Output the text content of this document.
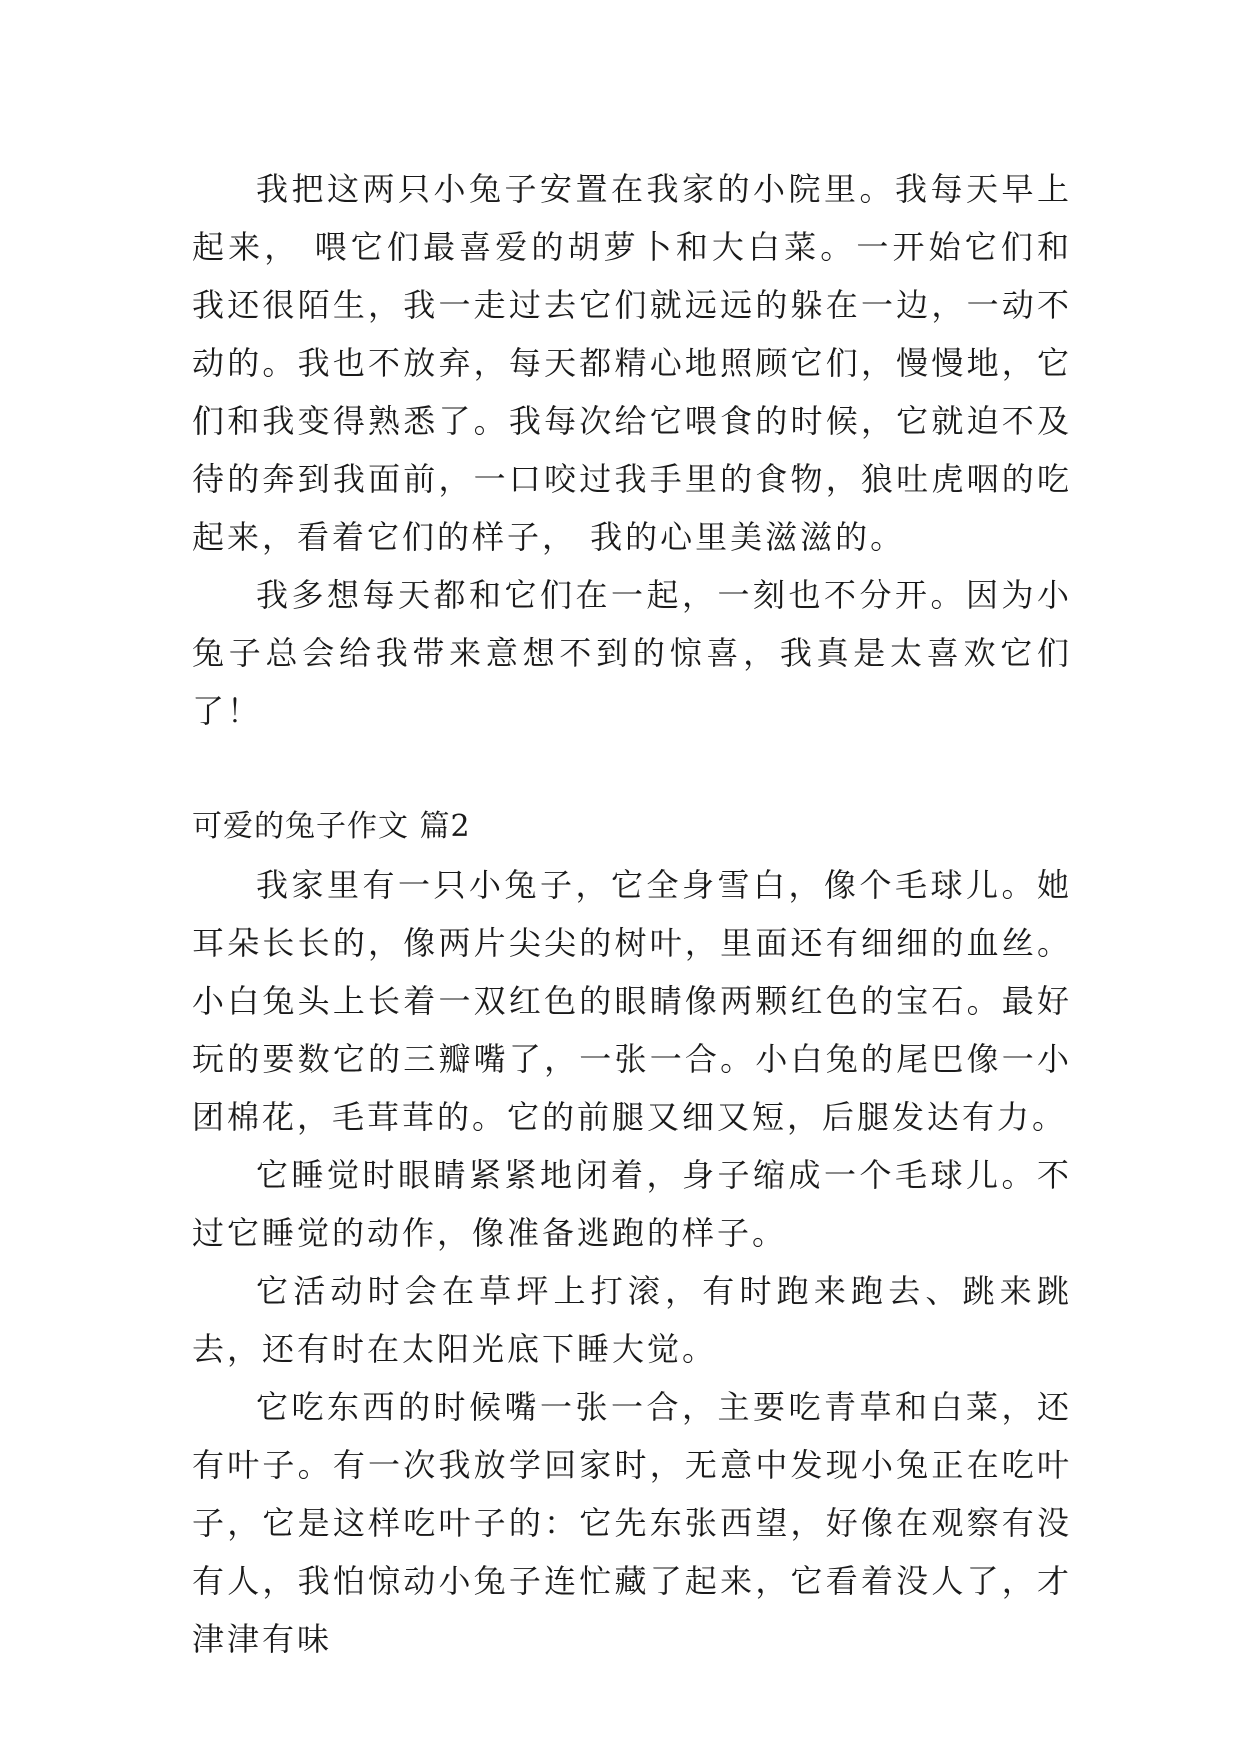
我把这两只小兔子安置在我家的小院里。我每天早上起来， 喂它们最喜爱的胡萝卜和大白菜。一开始它们和我还很陌生，我一走过去它们就远远的躲在一边，一动不动的。我也不放弃，每天都精心地照顾它们，慢慢地，它们和我变得熟悉了。我每次给它喂食的时候，它就迫不及待的奔到我面前，一口咬过我手里的食物，狼吐虎咽的吃起来，看着它们的样子， 我的心里美滋滋的。

我多想每天都和它们在一起，一刻也不分开。因为小兔子总会给我带来意想不到的惊喜，我真是太喜欢它们了！

可爱的兔子作文 篇2

我家里有一只小兔子，它全身雪白，像个毛球儿。她耳朵长长的，像两片尖尖的树叶，里面还有细细的血丝。小白兔头上长着一双红色的眼睛像两颗红色的宝石。最好玩的要数它的三瓣嘴了，一张一合。小白兔的尾巴像一小团棉花，毛茸茸的。它的前腿又细又短，后腿发达有力。

它睡觉时眼睛紧紧地闭着，身子缩成一个毛球儿。不过它睡觉的动作，像准备逃跑的样子。

它活动时会在草坪上打滚，有时跑来跑去、跳来跳去，还有时在太阳光底下睡大觉。

它吃东西的时候嘴一张一合，主要吃青草和白菜，还有叶子。有一次我放学回家时，无意中发现小兔正在吃叶子，它是这样吃叶子的：它先东张西望，好像在观察有没有人，我怕惊动小兔子连忙藏了起来，它看着没人了，才津津有味
